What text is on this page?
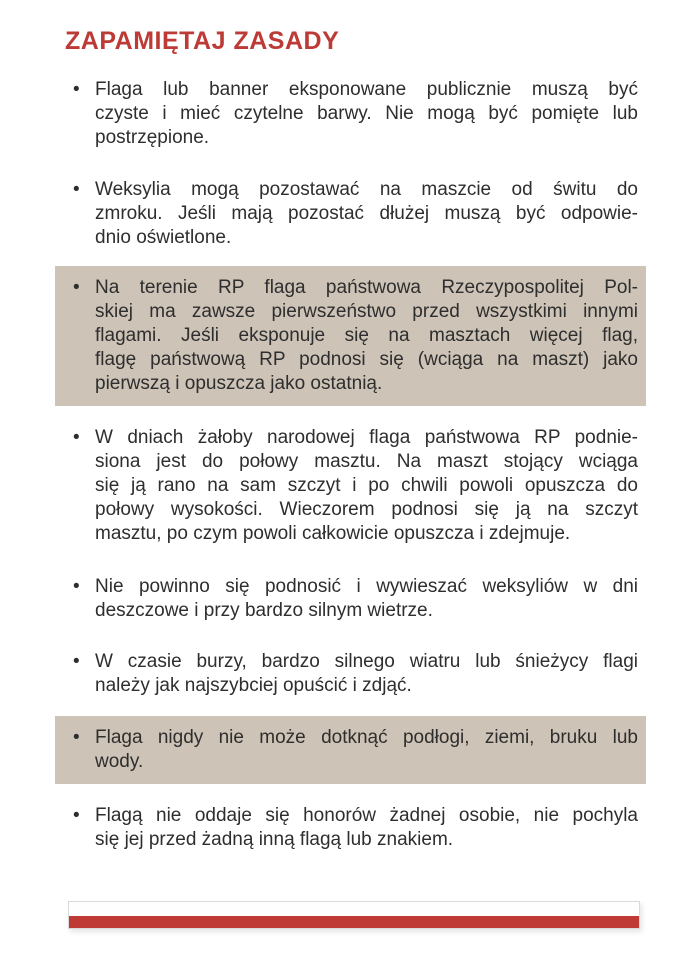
ZAPAMIĘTAJ ZASADY
• Flaga lub banner eksponowane publicznie muszą być
czyste i mieć czytelne barwy. Nie mogą być pomięte lub
postrzępione.
• Weksylia mogą pozostawać na maszcie od świtu do
zmroku. Jeśli mają pozostać dłużej muszą być odpowie-
dnio oświetlone.
• Na terenie RP flaga państwowa Rzeczypospolitej Pol-
skiej ma zawsze pierwszeństwo przed wszystkimi innymi
flagami. Jeśli eksponuje się na masztach więcej flag,
flagę państwową RP podnosi się (wciąga na maszt) jako
pierwszą i opuszcza jako ostatnią.
• W dniach żałoby narodowej flaga państwowa RP podnie-
siona jest do połowy masztu. Na maszt stojący wciąga
się ją rano na sam szczyt i po chwili powoli opuszcza do
połowy wysokości. Wieczorem podnosi się ją na szczyt
masztu, po czym powoli całkowicie opuszcza i zdejmuje.
• Nie powinno się podnosić i wywieszać weksyliów w dni
deszczowe i przy bardzo silnym wietrze.
• W czasie burzy, bardzo silnego wiatru lub śnieżycy flagi
należy jak najszybciej opuścić i zdjąć.
• Flaga nigdy nie może dotknąć podłogi, ziemi, bruku lub
wody.
• Flagą nie oddaje się honorów żadnej osobie, nie pochyla
się jej przed żadną inną flagą lub znakiem.
